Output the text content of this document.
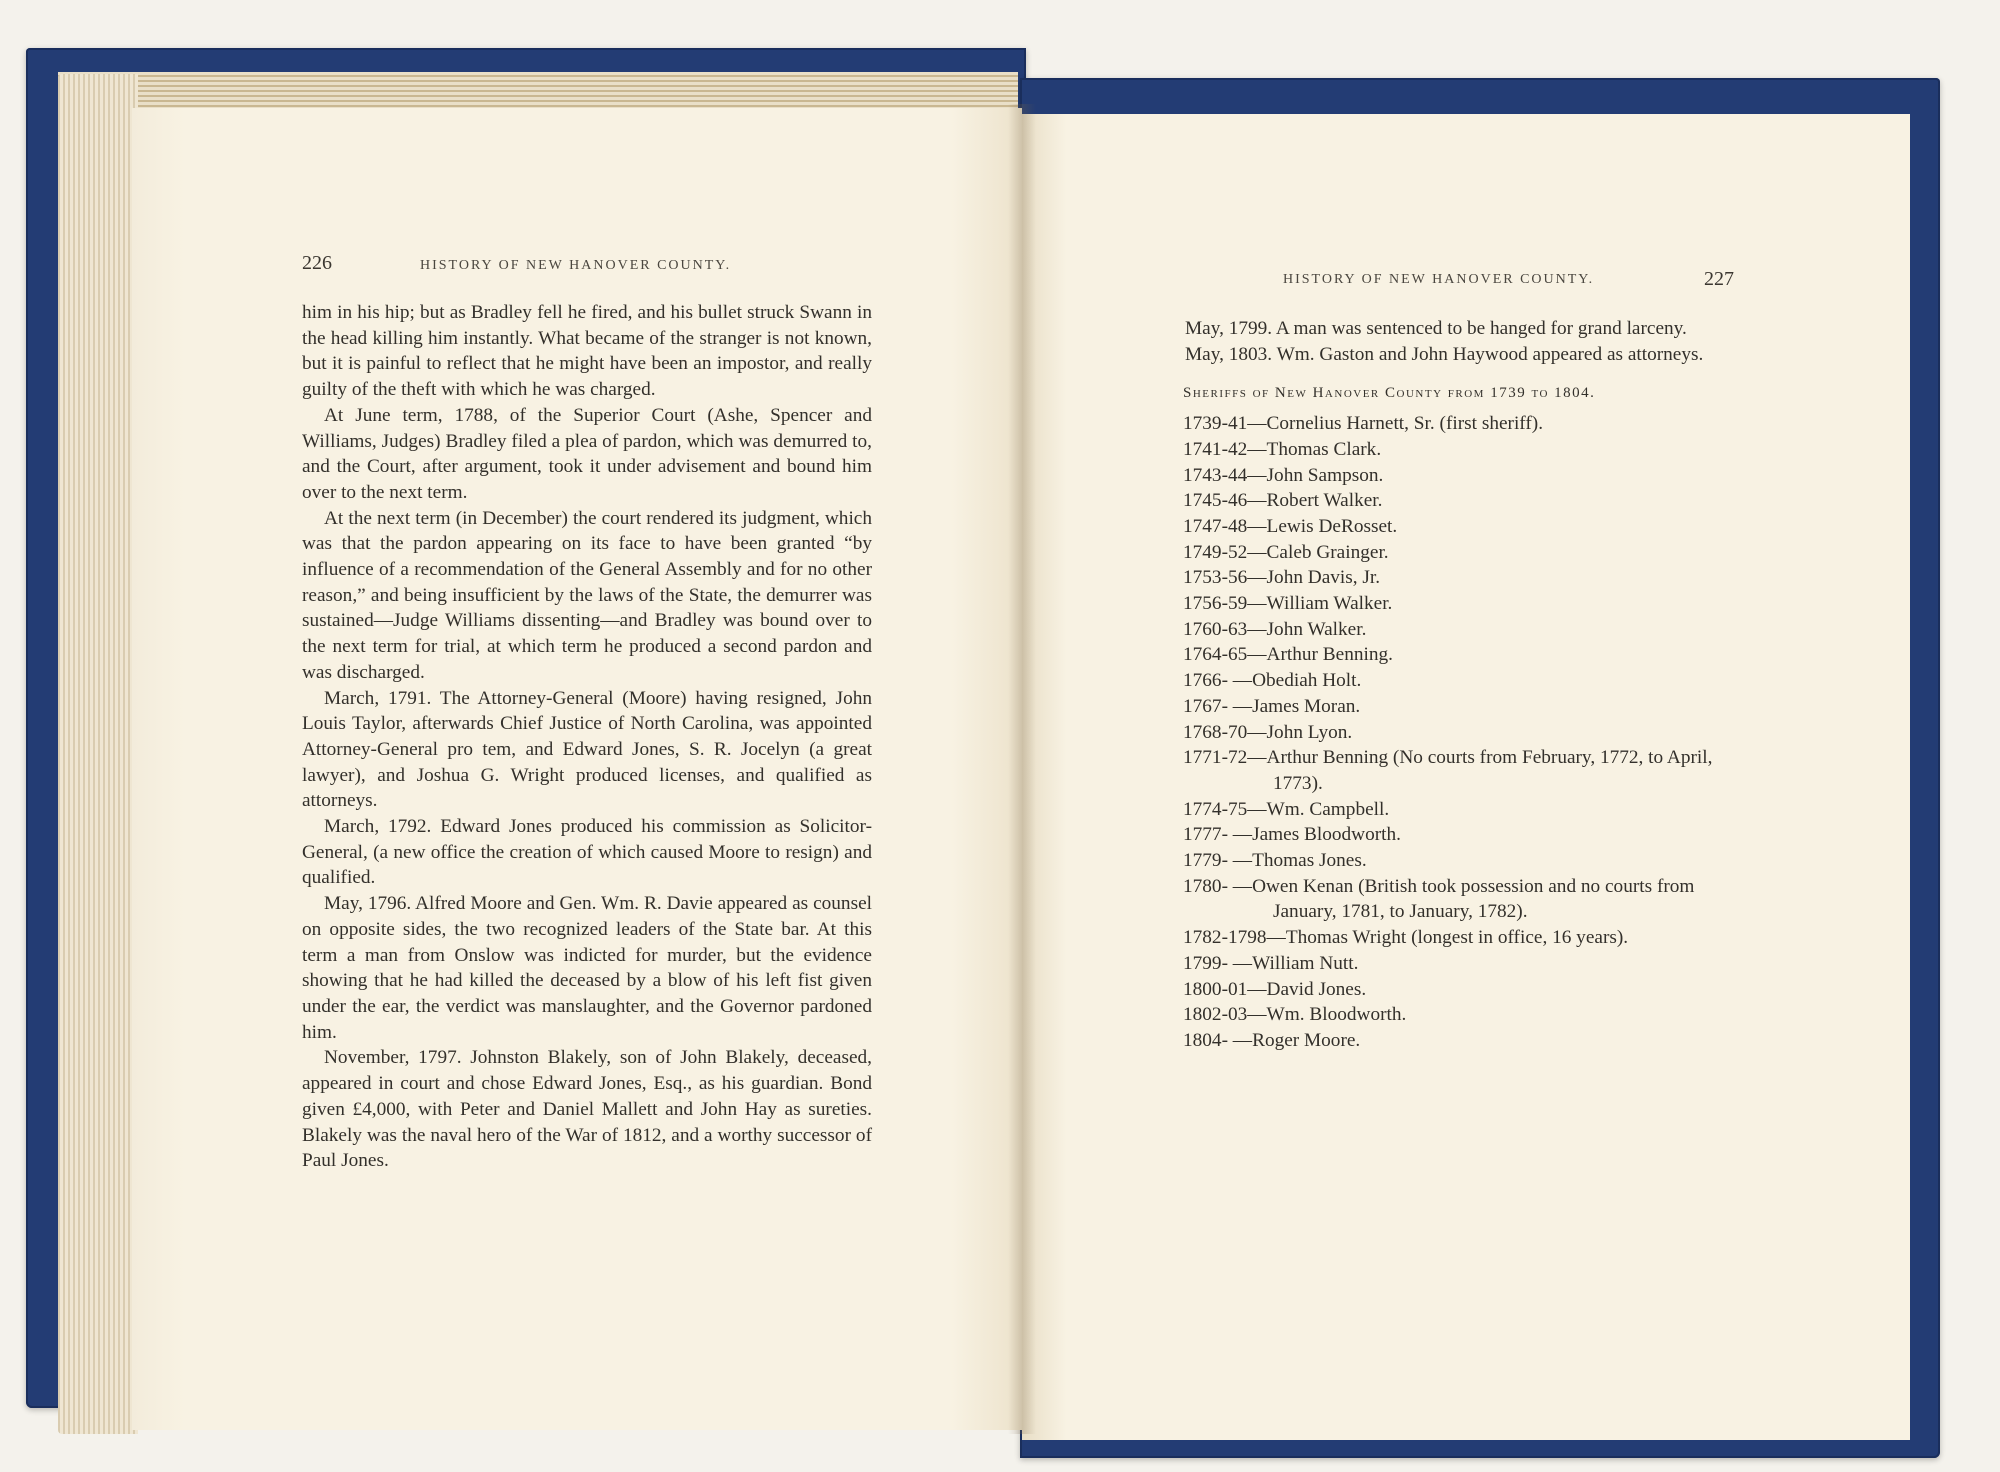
226	HISTORY OF NEW HANOVER COUNTY.

him in his hip; but as Bradley fell he fired, and his bullet struck Swann in the head killing him instantly. What became of the stranger is not known, but it is painful to reflect that he might have been an impostor, and really guilty of the theft with which he was charged.

At June term, 1788, of the Superior Court (Ashe, Spencer and Williams, Judges) Bradley filed a plea of pardon, which was demurred to, and the Court, after argument, took it under advisement and bound him over to the next term.

At the next term (in December) the court rendered its judgment, which was that the pardon appearing on its face to have been granted “by influence of a recommendation of the General Assembly and for no other reason,” and being insufficient by the laws of the State, the demurrer was sustained—Judge Williams dissenting—and Bradley was bound over to the next term for trial, at which term he produced a second pardon and was discharged.

March, 1791. The Attorney-General (Moore) having resigned, John Louis Taylor, afterwards Chief Justice of North Carolina, was appointed Attorney-General pro tem, and Edward Jones, S. R. Jocelyn (a great lawyer), and Joshua G. Wright produced licenses, and qualified as attorneys.

March, 1792. Edward Jones produced his commission as Solicitor-General, (a new office the creation of which caused Moore to resign) and qualified.

May, 1796. Alfred Moore and Gen. Wm. R. Davie appeared as counsel on opposite sides, the two recognized leaders of the State bar. At this term a man from Onslow was indicted for murder, but the evidence showing that he had killed the deceased by a blow of his left fist given under the ear, the verdict was manslaughter, and the Governor pardoned him.

November, 1797. Johnston Blakely, son of John Blakely, deceased, appeared in court and chose Edward Jones, Esq., as his guardian. Bond given £4,000, with Peter and Daniel Mallett and John Hay as sureties. Blakely was the naval hero of the War of 1812, and a worthy successor of Paul Jones.

HISTORY OF NEW HANOVER COUNTY.	227

May, 1799. A man was sentenced to be hanged for grand larceny.

May, 1803. Wm. Gaston and John Haywood appeared as attorneys.

Sheriffs of New Hanover County from 1739 to 1804.
1739-41—Cornelius Harnett, Sr. (first sheriff).
1741-42—Thomas Clark.
1743-44—John Sampson.
1745-46—Robert Walker.
1747-48—Lewis DeRosset.
1749-52—Caleb Grainger.
1753-56—John Davis, Jr.
1756-59—William Walker.
1760-63—John Walker.
1764-65—Arthur Benning.
1766- —Obediah Holt.
1767- —James Moran.
1768-70—John Lyon.
1771-72—Arthur Benning (No courts from February, 1772, to April, 1773).
1774-75—Wm. Campbell.
1777- —James Bloodworth.
1779- —Thomas Jones.
1780- —Owen Kenan (British took possession and no courts from January, 1781, to January, 1782).
1782-1798—Thomas Wright (longest in office, 16 years).
1799- —William Nutt.
1800-01—David Jones.
1802-03—Wm. Bloodworth.
1804- —Roger Moore.
